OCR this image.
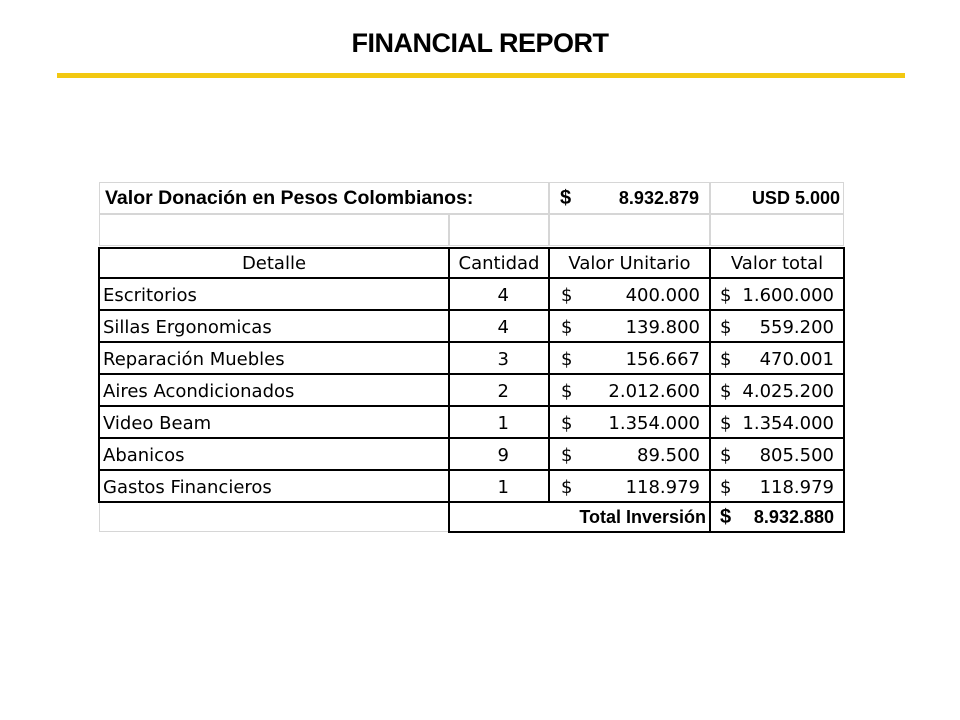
FINANCIAL REPORT
Valor Donación en Pesos Colombianos:	$	8.932.879	USD 5.000
Detalle	Cantidad	Valor Unitario	Valor total
Escritorios	4	$	400.000 $ 1.600.000
Sillas Ergonomicas	4	$	139.800 $ 559.200
Reparación Muebles	3	$	156.667 $ 470.001
Aires Acondicionados	2	$ 2.012.600 $ 4.025.200
Video Beam	1	$ 1.354.000 $ 1.354.000
Abanicos	9	$	89.500 $ 805.500
Gastos Financieros	1	$	118.979 $ 118.979
Total Inversión $ 8.932.880
